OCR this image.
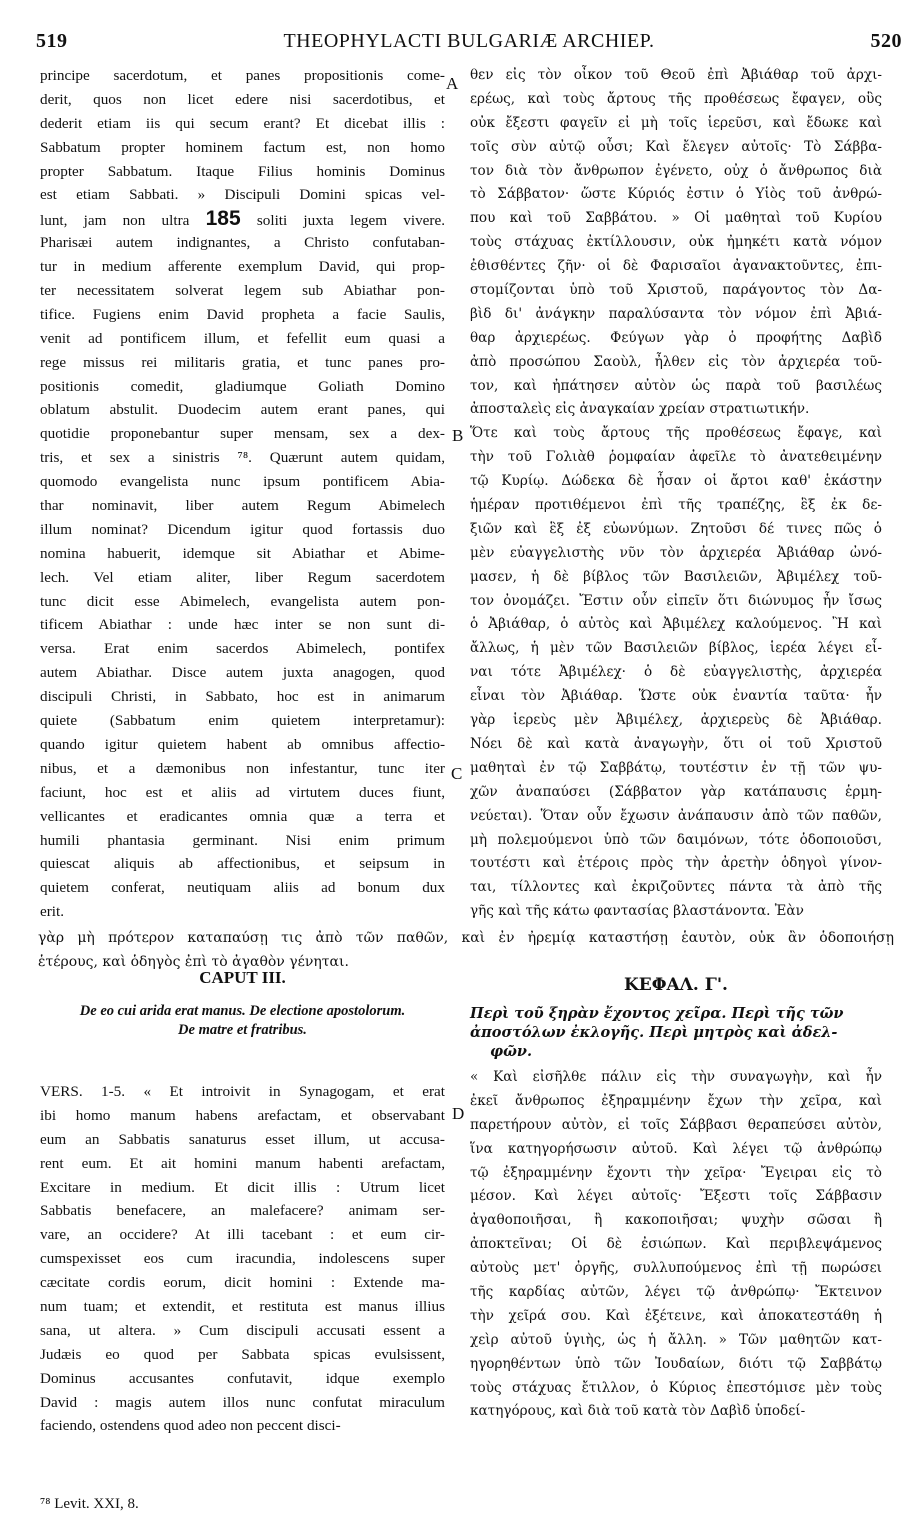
519	THEOPHYLACTI BULGARIÆ ARCHIEP.	520
A
B
C
D
principe sacerdotum, et panes propositionis come-
derit, quos non licet edere nisi sacerdotibus, et
dederit etiam iis qui secum erant? Et dicebat illis :
Sabbatum propter hominem factum est, non homo
propter Sabbatum. Itaque Filius hominis Dominus
est etiam Sabbati. » Discipuli Domini spicas vel-
lunt, jam non ultra 185 soliti juxta legem vivere.
Pharisæi autem indignantes, a Christo confutaban-
tur in medium afferente exemplum David, qui prop-
ter necessitatem solverat legem sub Abiathar pon-
tifice. Fugiens enim David propheta a facie Saulis,
venit ad pontificem illum, et fefellit eum quasi a
rege missus rei militaris gratia, et tunc panes pro-
positionis comedit, gladiumque Goliath Domino
oblatum abstulit. Duodecim autem erant panes, qui
quotidie proponebantur super mensam, sex a dex-
tris, et sex a sinistris ⁷⁸. Quærunt autem quidam,
quomodo evangelista nunc ipsum pontificem Abia-
thar nominavit, liber autem Regum Abimelech
illum nominat? Dicendum igitur quod fortassis duo
nomina habuerit, idemque sit Abiathar et Abime-
lech. Vel etiam aliter, liber Regum sacerdotem
tunc dicit esse Abimelech, evangelista autem pon-
tificem Abiathar : unde hæc inter se non sunt di-
versa. Erat enim sacerdos Abimelech, pontifex
autem Abiathar. Disce autem juxta anagogen, quod
discipuli Christi, in Sabbato, hoc est in animarum
quiete (Sabbatum enim quietem interpretamur):
quando igitur quietem habent ab omnibus affectio-
nibus, et a dæmonibus non infestantur, tunc iter
faciunt, hoc est et aliis ad virtutem duces fiunt,
vellicantes et eradicantes omnia quæ a terra et
humili phantasia germinant. Nisi enim primum
quiescat aliquis ab affectionibus, et seipsum in
quietem conferat, neutiquam aliis ad bonum dux
erit.
θεν εἰς τὸν οἶκον τοῦ Θεοῦ ἐπὶ Ἀβιάθαρ τοῦ ἀρχι-
ερέως, καὶ τοὺς ἄρτους τῆς προθέσεως ἔφαγεν, οὓς
οὐκ ἔξεστι φαγεῖν εἰ μὴ τοῖς ἱερεῦσι, καὶ ἔδωκε καὶ
τοῖς σὺν αὐτῷ οὖσι; Καὶ ἔλεγεν αὐτοῖς· Τὸ Σάββα-
τον διὰ τὸν ἄνθρωπον ἐγένετο, οὐχ ὁ ἄνθρωπος διὰ
τὸ Σάββατον· ὥστε Κύριός ἐστιν ὁ Υἱὸς τοῦ ἀνθρώ-
που καὶ τοῦ Σαββάτου. » Οἱ μαθηταὶ τοῦ Κυρίου
τοὺς στάχυας ἐκτίλλουσιν, οὐκ ἠμηκέτι κατὰ νόμον
ἐθισθέντες ζῆν· οἱ δὲ Φαρισαῖοι ἀγανακτοῦντες, ἐπι-
στομίζονται ὑπὸ τοῦ Χριστοῦ, παράγοντος τὸν Δα-
βὶδ δι' ἀνάγκην παραλύσαντα τὸν νόμον ἐπὶ Ἀβιά-
θαρ ἀρχιερέως. Φεύγων γὰρ ὁ προφήτης Δαβὶδ
ἀπὸ προσώπου Σαοὺλ, ἦλθεν εἰς τὸν ἀρχιερέα τοῦ-
τον, καὶ ἠπάτησεν αὐτὸν ὡς παρὰ τοῦ βασιλέως
ἀποσταλεὶς εἰς ἀναγκαίαν χρείαν στρατιωτικήν.
Ὅτε καὶ τοὺς ἄρτους τῆς προθέσεως ἔφαγε, καὶ
τὴν τοῦ Γολιὰθ ῥομφαίαν ἀφεῖλε τὸ ἀνατεθειμένην
τῷ Κυρίῳ. Δώδεκα δὲ ἦσαν οἱ ἄρτοι καθ' ἑκάστην
ἡμέραν προτιθέμενοι ἐπὶ τῆς τραπέζης, ἓξ ἐκ δε-
ξιῶν καὶ ἓξ ἐξ εὐωνύμων. Ζητοῦσι δέ τινες πῶς ὁ
μὲν εὐαγγελιστὴς νῦν τὸν ἀρχιερέα Ἀβιάθαρ ὠνό-
μασεν, ἡ δὲ βίβλος τῶν Βασιλειῶν, Ἀβιμέλεχ τοῦ-
τον ὀνομάζει. Ἔστιν οὖν εἰπεῖν ὅτι διώνυμος ἦν ἴσως
ὁ Ἀβιάθαρ, ὁ αὐτὸς καὶ Ἀβιμέλεχ καλούμενος. Ἢ καὶ
ἄλλως, ἡ μὲν τῶν Βασιλειῶν βίβλος, ἱερέα λέγει εἶ-
ναι τότε Ἀβιμέλεχ· ὁ δὲ εὐαγγελιστὴς, ἀρχιερέα
εἶναι τὸν Ἀβιάθαρ. Ὥστε οὐκ ἐναντία ταῦτα· ἦν
γὰρ ἱερεὺς μὲν Ἀβιμέλεχ, ἀρχιερεὺς δὲ Ἀβιάθαρ.
Νόει δὲ καὶ κατὰ ἀναγωγὴν, ὅτι οἱ τοῦ Χριστοῦ
μαθηταὶ ἐν τῷ Σαββάτῳ, τουτέστιν ἐν τῇ τῶν ψυ-
χῶν ἀναπαύσει (Σάββατον γὰρ κατάπαυσις ἑρμη-
νεύεται). Ὅταν οὖν ἔχωσιν ἀνάπαυσιν ἀπὸ τῶν παθῶν,
μὴ πολεμούμενοι ὑπὸ τῶν δαιμόνων, τότε ὁδοποιοῦσι,
τουτέστι καὶ ἑτέροις πρὸς τὴν ἀρετὴν ὁδηγοὶ γίνον-
ται, τίλλοντες καὶ ἐκριζοῦντες πάντα τὰ ἀπὸ τῆς
γῆς καὶ τῆς κάτω φαντασίας βλαστάνοντα. Ἐὰν
γὰρ μὴ πρότερον καταπαύσῃ τις ἀπὸ τῶν παθῶν, καὶ ἐν ἠρεμίᾳ καταστήσῃ ἑαυτὸν, οὐκ ἂν ὁδοποιήσῃ
ἑτέρους, καὶ ὁδηγὸς ἐπὶ τὸ ἀγαθὸν γένηται.
CAPUT III.	ΚΕΦΑΛ. Γ'.
De eo cui arida erat manus. De electione apostolorum.
De matre et fratribus.
Περὶ τοῦ ξηρὰν ἔχοντος χεῖρα. Περὶ τῆς τῶν
ἀποστόλων ἐκλογῆς. Περὶ μητρὸς καὶ ἀδελ-
φῶν.
VERS. 1-5. « Et introivit in Synagogam, et erat
ibi homo manum habens arefactam, et observabant
eum an Sabbatis sanaturus esset illum, ut accusa-
rent eum. Et ait homini manum habenti arefactam,
Excitare in medium. Et dicit illis : Utrum licet
Sabbatis benefacere, an malefacere? animam ser-
vare, an occidere? At illi tacebant : et eum cir-
cumspexisset eos cum iracundia, indolescens super
cæcitate cordis eorum, dicit homini : Extende ma-
num tuam; et extendit, et restituta est manus illius
sana, ut altera. » Cum discipuli accusati essent a
Judæis eo quod per Sabbata spicas evulsissent,
Dominus accusantes confutavit, idque exemplo
David : magis autem illos nunc confutat miraculum
faciendo, ostendens quod adeo non peccent disci-
« Καὶ εἰσῆλθε πάλιν εἰς τὴν συναγωγὴν, καὶ ἦν
ἐκεῖ ἄνθρωπος ἐξηραμμένην ἔχων τὴν χεῖρα, καὶ
παρετήρουν αὐτὸν, εἰ τοῖς Σάββασι θεραπεύσει αὐτὸν,
ἵνα κατηγορήσωσιν αὐτοῦ. Καὶ λέγει τῷ ἀνθρώπῳ
τῷ ἐξηραμμένην ἔχοντι τὴν χεῖρα· Ἔγειραι εἰς τὸ
μέσον. Καὶ λέγει αὐτοῖς· Ἔξεστι τοῖς Σάββασιν
ἀγαθοποιῆσαι, ἢ κακοποιῆσαι; ψυχὴν σῶσαι ἢ
ἀποκτεῖναι; Οἱ δὲ ἐσιώπων. Καὶ περιβλεψάμενος
αὐτοὺς μετ' ὀργῆς, συλλυπούμενος ἐπὶ τῇ πωρώσει
τῆς καρδίας αὐτῶν, λέγει τῷ ἀνθρώπῳ· Ἔκτεινον
τὴν χεῖρά σου. Καὶ ἐξέτεινε, καὶ ἀποκατεστάθη ἡ
χεὶρ αὐτοῦ ὑγιὴς, ὡς ἡ ἄλλη. » Τῶν μαθητῶν κατ-
ηγορηθέντων ὑπὸ τῶν Ἰουδαίων, διότι τῷ Σαββάτῳ
τοὺς στάχυας ἔτιλλον, ὁ Κύριος ἐπεστόμισε μὲν τοὺς
κατηγόρους, καὶ διὰ τοῦ κατὰ τὸν Δαβὶδ ὑποδεί-
⁷⁸ Levit. XXI, 8.
